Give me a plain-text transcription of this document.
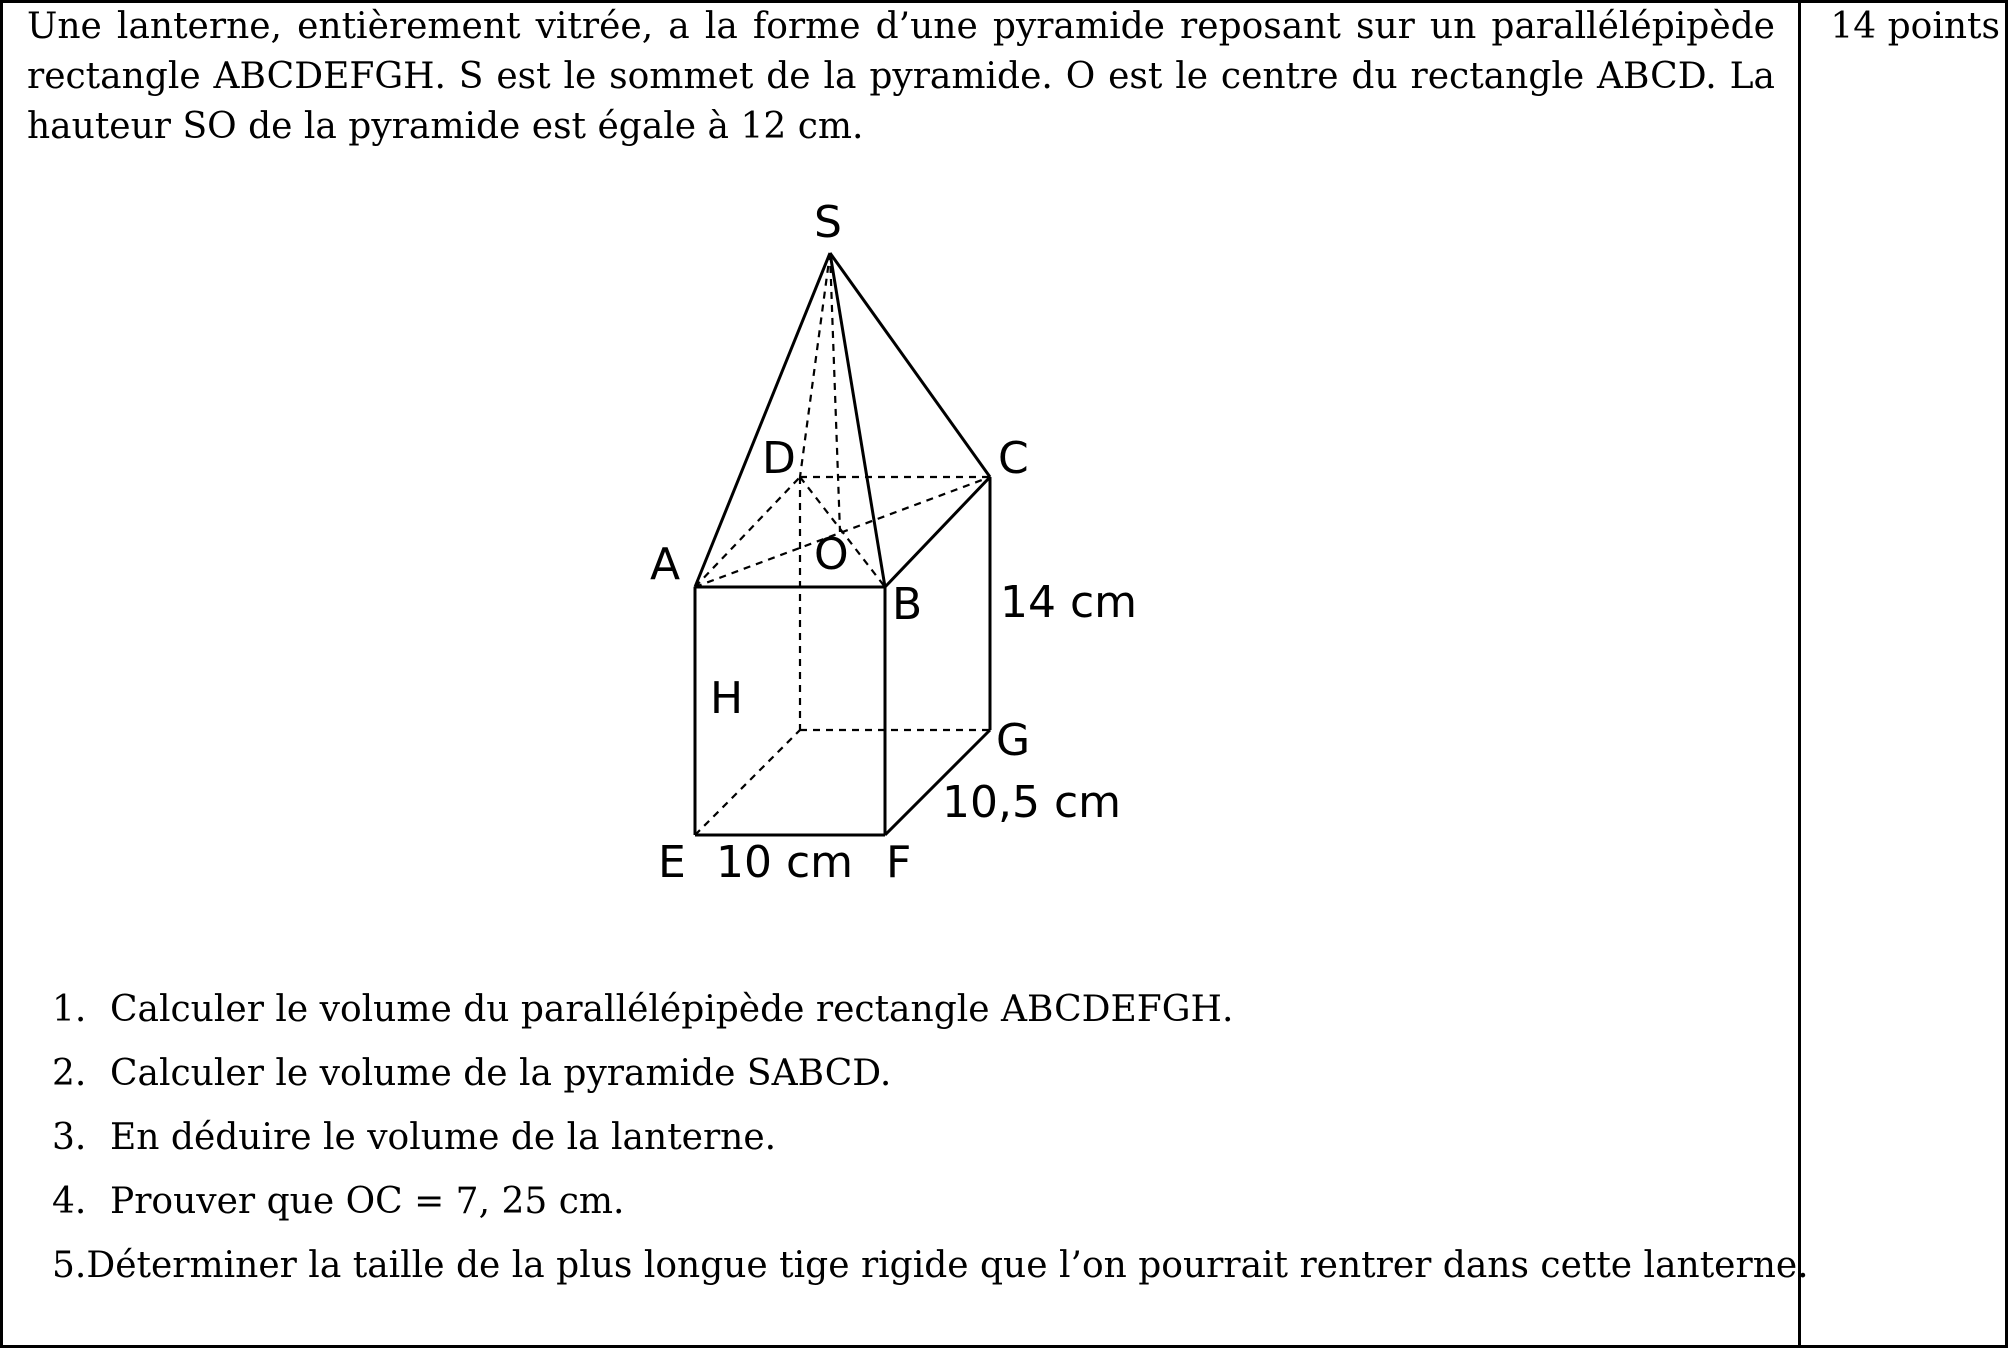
Une lanterne, entièrement vitrée, a la forme d’une pyramide reposant sur un parallélépipède rectangle ABCDEFGH. S est le sommet de la pyramide. O est le centre du rectangle ABCD. La hauteur SO de la pyramide est égale à 12 cm.

14 points
S
D	C
A	O
B 14 cm
H
G
10,5 cm
E 10 cm F
1. Calculer le volume du parallélépipède rectangle ABCDEFGH.
2. Calculer le volume de la pyramide SABCD.
3. En déduire le volume de la lanterne.
4. Prouver que OC = 7, 25 cm.
5. Déterminer la taille de la plus longue tige rigide que l’on pourrait rentrer dans cette lanterne.
